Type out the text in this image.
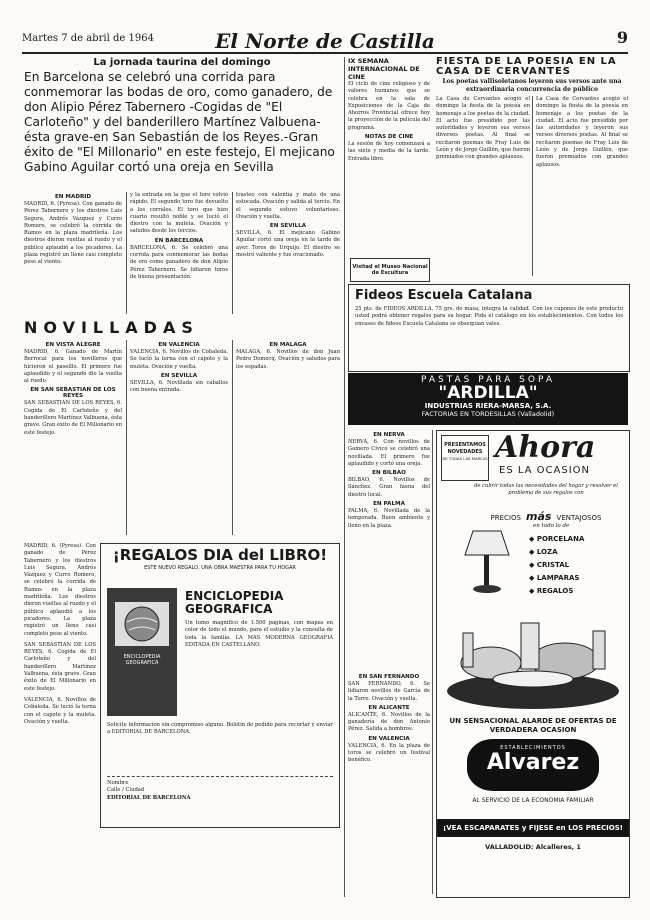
Martes 7 de abril de 1964	El Norte de Castilla	9
La jornada taurina del domingo
En Barcelona se celebró una corrida para conmemorar las bodas de oro, como ganadero, de don Alipio Pérez Tabernero -Cogidas de "El Carloteño" y del banderillero Martínez Valbuena-ésta grave-en San Sebastián de los Reyes.-Gran éxito de "El Millonario" en este festejo, El mejicano Gabino Aguilar cortó una oreja en Sevilla
EN MADRID
MADRID, 6. (Pyresa). Con ganado de Pérez Tabernero y los diestros Luis Segura, Andrés Vázquez y Curro Romero, se celebró la corrida de Ramos en la plaza madrileña. Los diestros dieron vueltas al ruedo y el público aplaudió a los picadores. La plaza registró un lleno casi completo pese al viento.
y la entrada en la que el toro volvió rápido. El segundo toro fue devuelto a los corrales. El toro que hizo cuarto resultó noble y se lució el diestro con la muleta. Ovación y saludos desde los tercios.
EN BARCELONA
BARCELONA, 6. Se celebró una corrida para conmemorar las bodas de oro como ganadero de don Alipio Pérez Tabernero. Se lidiaron toros de buena presentación.
trasteo con valentía y mató de una estocada. Ovación y salida al tercio. En el segundo estuvo voluntarioso. Ovación y vuelta.
EN SEVILLA
SEVILLA, 6. El mejicano Gabino Aguilar cortó una oreja en la tarde de ayer. Toros de Urquijo. El diestro se mostró valiente y fue ovacionado.
NOVILLADAS
EN VISTA ALEGRE
MADRID, 6. Ganado de Martín Berrocal para los novilleros que hicieron el paseíllo. El primero fue aplaudido y el segundo dio la vuelta al ruedo.
EN SAN SEBASTIAN DE LOS REYES
SAN SEBASTIAN DE LOS REYES, 6. Cogida de El Carloteño y del banderillero Martínez Valbuena, ésta grave. Gran éxito de El Millonario en este festejo.
EN VALENCIA
VALENCIA, 6. Novillos de Cobaleda. Se lució la terna con el capote y la muleta. Ovación y vuelta.
EN SEVILLA
SEVILLA, 6. Novillada sin caballos con buena entrada.
EN MALAGA
MALAGA, 6. Novillos de don Juan Pedro Domecq. Ovación y saludos para los espadas.
¡REGALOS DIA del LIBRO!
ESTE NUEVO REGALO, UNA OBRA MAESTRA PARA TU HOGAR
ENCICLOPEDIA GEOGRAFICA
ENCICLOPEDIA GEOGRAFICA
Un tomo magnífico de 1.500 páginas, con mapas en color de todo el mundo, para el estudio y la consulta de toda la familia. LA MAS MODERNA GEOGRAFIA EDITADA EN CASTELLANO.
Solicite información sin compromiso alguno. Boletín de pedido para recortar y enviar a EDITORIAL DE BARCELONA.
Nombre
Calle / Ciudad
EDITORIAL DE BARCELONA
MADRID, 6. (Pyresa). Con ganado de Pérez Tabernero y los diestros Luis Segura, Andrés Vázquez y Curro Romero, se celebró la corrida de Ramos en la plaza madrileña. Los diestros dieron vueltas al ruedo y el público aplaudió a los picadores. La plaza registró un lleno casi completo pese al viento.
SAN SEBASTIAN DE LOS REYES, 6. Cogida de El Carloteño y del banderillero Martínez Valbuena, ésta grave. Gran éxito de El Millonario en este festejo.
VALENCIA, 6. Novillos de Cobaleda. Se lució la terna con el capote y la muleta. Ovación y vuelta.
IX SEMANA INTERNACIONAL DE CINE
El ciclo de cine religioso y de valores humanos que se celebra en la sala de Exposiciones de la Caja de Ahorros Provincial ofrece hoy la proyección de la película del programa.
NOTAS DE CINE
La sesión de hoy comenzará a las siete y media de la tarde. Entrada libre.
Visitad el Museo Nacional de Escultura
FIESTA DE LA POESIA EN LA CASA DE CERVANTES
Los poetas vallisoletanos leyeron sus versos ante una extraordinaria concurrencia de público
La Casa de Cervantes acogió el domingo la fiesta de la poesía en homenaje a los poetas de la ciudad. El acto fue presidido por las autoridades y leyeron sus versos diversos poetas. Al final se recitaron poemas de Fray Luis de León y de Jorge Guillén, que fueron premiados con grandes aplausos.
La Casa de Cervantes acogió el domingo la fiesta de la poesía en homenaje a los poetas de la ciudad. El acto fue presidido por las autoridades y leyeron sus versos diversos poetas. Al final se recitaron poemas de Fray Luis de León y de Jorge Guillén, que fueron premiados con grandes aplausos.
Fideos Escuela Catalana
25 pts. de FIDEOS ARDILLA, 75 grs. de masa, integra la calidad. Con los cupones de este producto usted podrá obtener regalos para su hogar. Pida el catálogo en los establecimientos. Con todos los envases de fideos Escuela Catalana se obsequian vales.
PASTAS PARA SOPA
"ARDILLA"
INDUSTRIAS RIERA-MARSA, S.A.
FACTORIAS EN TORDESILLAS (Valladolid)
EN NERVA
NERVA, 6. Con novillos de Gamero Cívico se celebró una novillada. El primero fue aplaudido y cortó una oreja.
EN BILBAO
BILBAO, 6. Novillos de Sánchez. Gran faena del diestro local.
EN PALMA
PALMA, 6. Novillada de la temporada. Buen ambiente y lleno en la plaza.
EN SAN FERNANDO
SAN FERNANDO, 6. Se lidiaron novillos de García de la Torre. Ovación y vuelta.
EN ALICANTE
ALICANTE, 6. Novillos de la ganadería de don Antonio Pérez. Salida a hombros.
EN VALENCIA
VALENCIA, 6. En la plaza de toros se celebró un festival benéfico.
PRESENTAMOS NOVEDADES
DE TODAS LAS MARCAS Ahora
ES LA OCASION
de cubrir todas las necesidades del hogar y resolver el problema de sus regalos con
PRECIOS más VENTAJOSOS
en todo lo de
◆ PORCELANA
◆ LOZA
◆ CRISTAL
◆ LAMPARAS
◆ REGALOS
UN SENSACIONAL ALARDE DE OFERTAS DE VERDADERA OCASION
ESTABLECIMIENTOS
Alvarez
AL SERVICIO DE LA ECONOMIA FAMILIAR
¡VEA ESCAPARATES y FIJESE en LOS PRECIOS!
VALLADOLID: Alcalleres, 1
